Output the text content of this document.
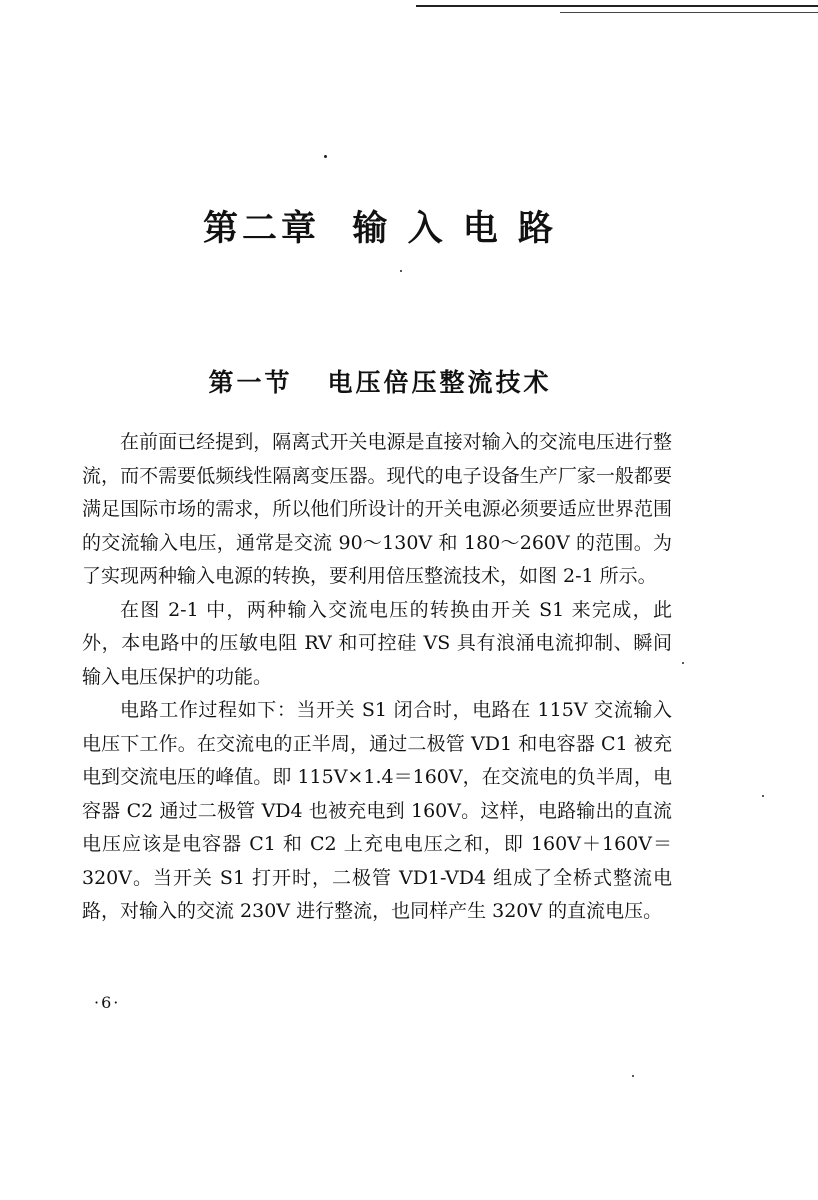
第二章  输 入 电 路
第一节   电压倍压整流技术

在前面已经提到，隔离式开关电源是直接对输入的交流电压进行整流，而不需要低频线性隔离变压器。现代的电子设备生产厂家一般都要满足国际市场的需求，所以他们所设计的开关电源必须要适应世界范围的交流输入电压，通常是交流 90～130V 和 180～260V 的范围。为了实现两种输入电源的转换，要利用倍压整流技术，如图 2-1 所示。

在图 2-1 中，两种输入交流电压的转换由开关 S1 来完成，此外，本电路中的压敏电阻 RV 和可控硅 VS 具有浪涌电流抑制、瞬间输入电压保护的功能。

电路工作过程如下：当开关 S1 闭合时，电路在 115V 交流输入电压下工作。在交流电的正半周，通过二极管 VD1 和电容器 C1 被充电到交流电压的峰值。即 115V×1.4＝160V，在交流电的负半周，电容器 C2 通过二极管 VD4 也被充电到 160V。这样，电路输出的直流电压应该是电容器 C1 和 C2 上充电电压之和，即 160V＋160V＝320V。当开关 S1 打开时，二极管 VD1-VD4 组成了全桥式整流电路，对输入的交流 230V 进行整流，也同样产生 320V 的直流电压。

·6·
